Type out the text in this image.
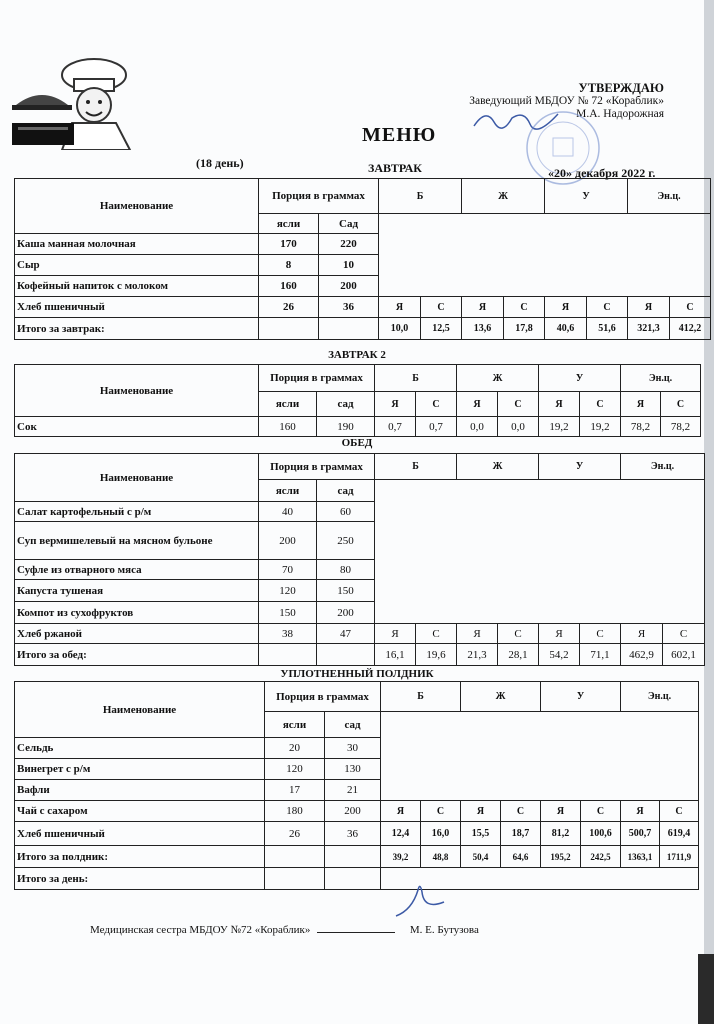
УТВЕРЖДАЮ
Заведующий МБДОУ № 72 «Кораблик»
М.А. Надорожная
МЕНЮ
(18 день)	ЗАВТРАК	«20» декабря 2022 г.
Наименование	Порция в граммах		Б		Ж		У		Эн.ц.	
	ясли	Сад								
Каша манная молочная	170	220								
Сыр	8	10								
Кофейный напиток с молоком	160	200								
Хлеб пшеничный	26	36	Я	С	Я	С	Я	С	Я	С
Итого за завтрак:			10,0	12,5	13,6	17,8	40,6	51,6	321,3	412,2
ЗАВТРАК 2
Наименование	Порция в граммах		Б		Ж		У		Эн.ц.	
	ясли	сад	Я	С	Я	С	Я	С	Я	С
Сок	160	190	0,7	0,7	0,0	0,0	19,2	19,2	78,2	78,2
ОБЕД
Наименование	Порция в граммах		Б		Ж		У		Эн.ц.	
	ясли	сад								
Салат картофельный с р/м	40	60								
Суп вермишелевый на мясном бульоне	200	250								
Суфле из отварного мяса	70	80								
Капуста тушеная	120	150								
Компот из сухофруктов	150	200								
Хлеб ржаной	38	47	Я	С	Я	С	Я	С	Я	С
Итого за обед:			16,1	19,6	21,3	28,1	54,2	71,1	462,9	602,1
УПЛОТНЕННЫЙ ПОЛДНИК
Наименование	Порция в граммах		Б		Ж		У		Эн.ц.	
	ясли	сад								
Сельдь	20	30								
Винегрет с р/м	120	130								
Вафли	17	21								
Чай с сахаром	180	200	Я	С	Я	С	Я	С	Я	С
Хлеб пшеничный	26	36	12,4	16,0	15,5	18,7	81,2	100,6	500,7	619,4
Итого за полдник:			39,2	48,8	50,4	64,6	195,2	242,5	1363,1	1711,9
Итого за день:										
Медицинская сестра МБДОУ №72 «Кораблик»	М. Е. Бутузова
